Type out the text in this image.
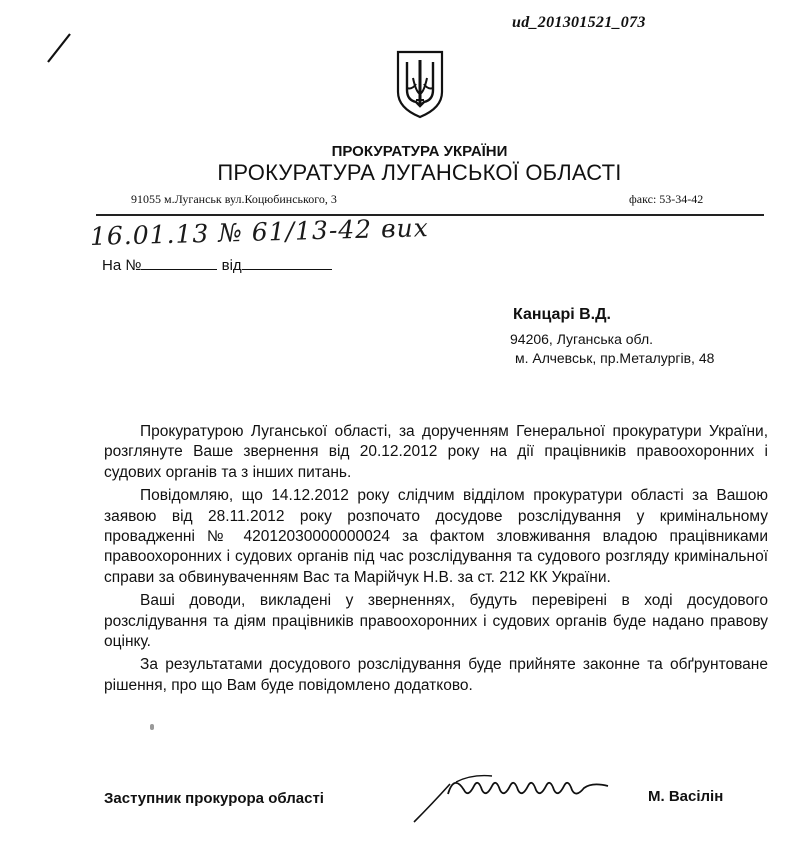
ud_201301521_073
ПРОКУРАТУРА УКРАЇНИ
ПРОКУРАТУРА ЛУГАНСЬКОЇ ОБЛАСТІ
91055 м.Луганськ вул.Коцюбинського, 3	факс: 53-34-42
16.01.13 № 61/13-42 вих
На №	від
Канцарі В.Д.
94206, Луганська обл.
м. Алчевськ, пр.Металургів, 48

Прокуратурою Луганської області, за дорученням Генеральної прокуратури України, розглянуте Ваше звернення від 20.12.2012 року на дії працівників правоохоронних і судових органів та з інших питань.

Повідомляю, що 14.12.2012 року слідчим відділом прокуратури області за Вашою заявою від 28.11.2012 року розпочато досудове розслідування у кримінальному провадженні № 42012030000000024 за фактом зловживання владою працівниками правоохоронних і судових органів під час розслідування та судового розгляду кримінальної справи за обвинуваченням Вас та Марійчук Н.В. за ст. 212 КК України.

Ваші доводи, викладені у зверненнях, будуть перевірені в ході досудового розслідування та діям працівників правоохоронних і судових органів буде надано правову оцінку.

За результатами досудового розслідування буде прийняте законне та обґрунтоване рішення, про що Вам буде повідомлено додатково.

Заступник прокурора області	М. Васілін
